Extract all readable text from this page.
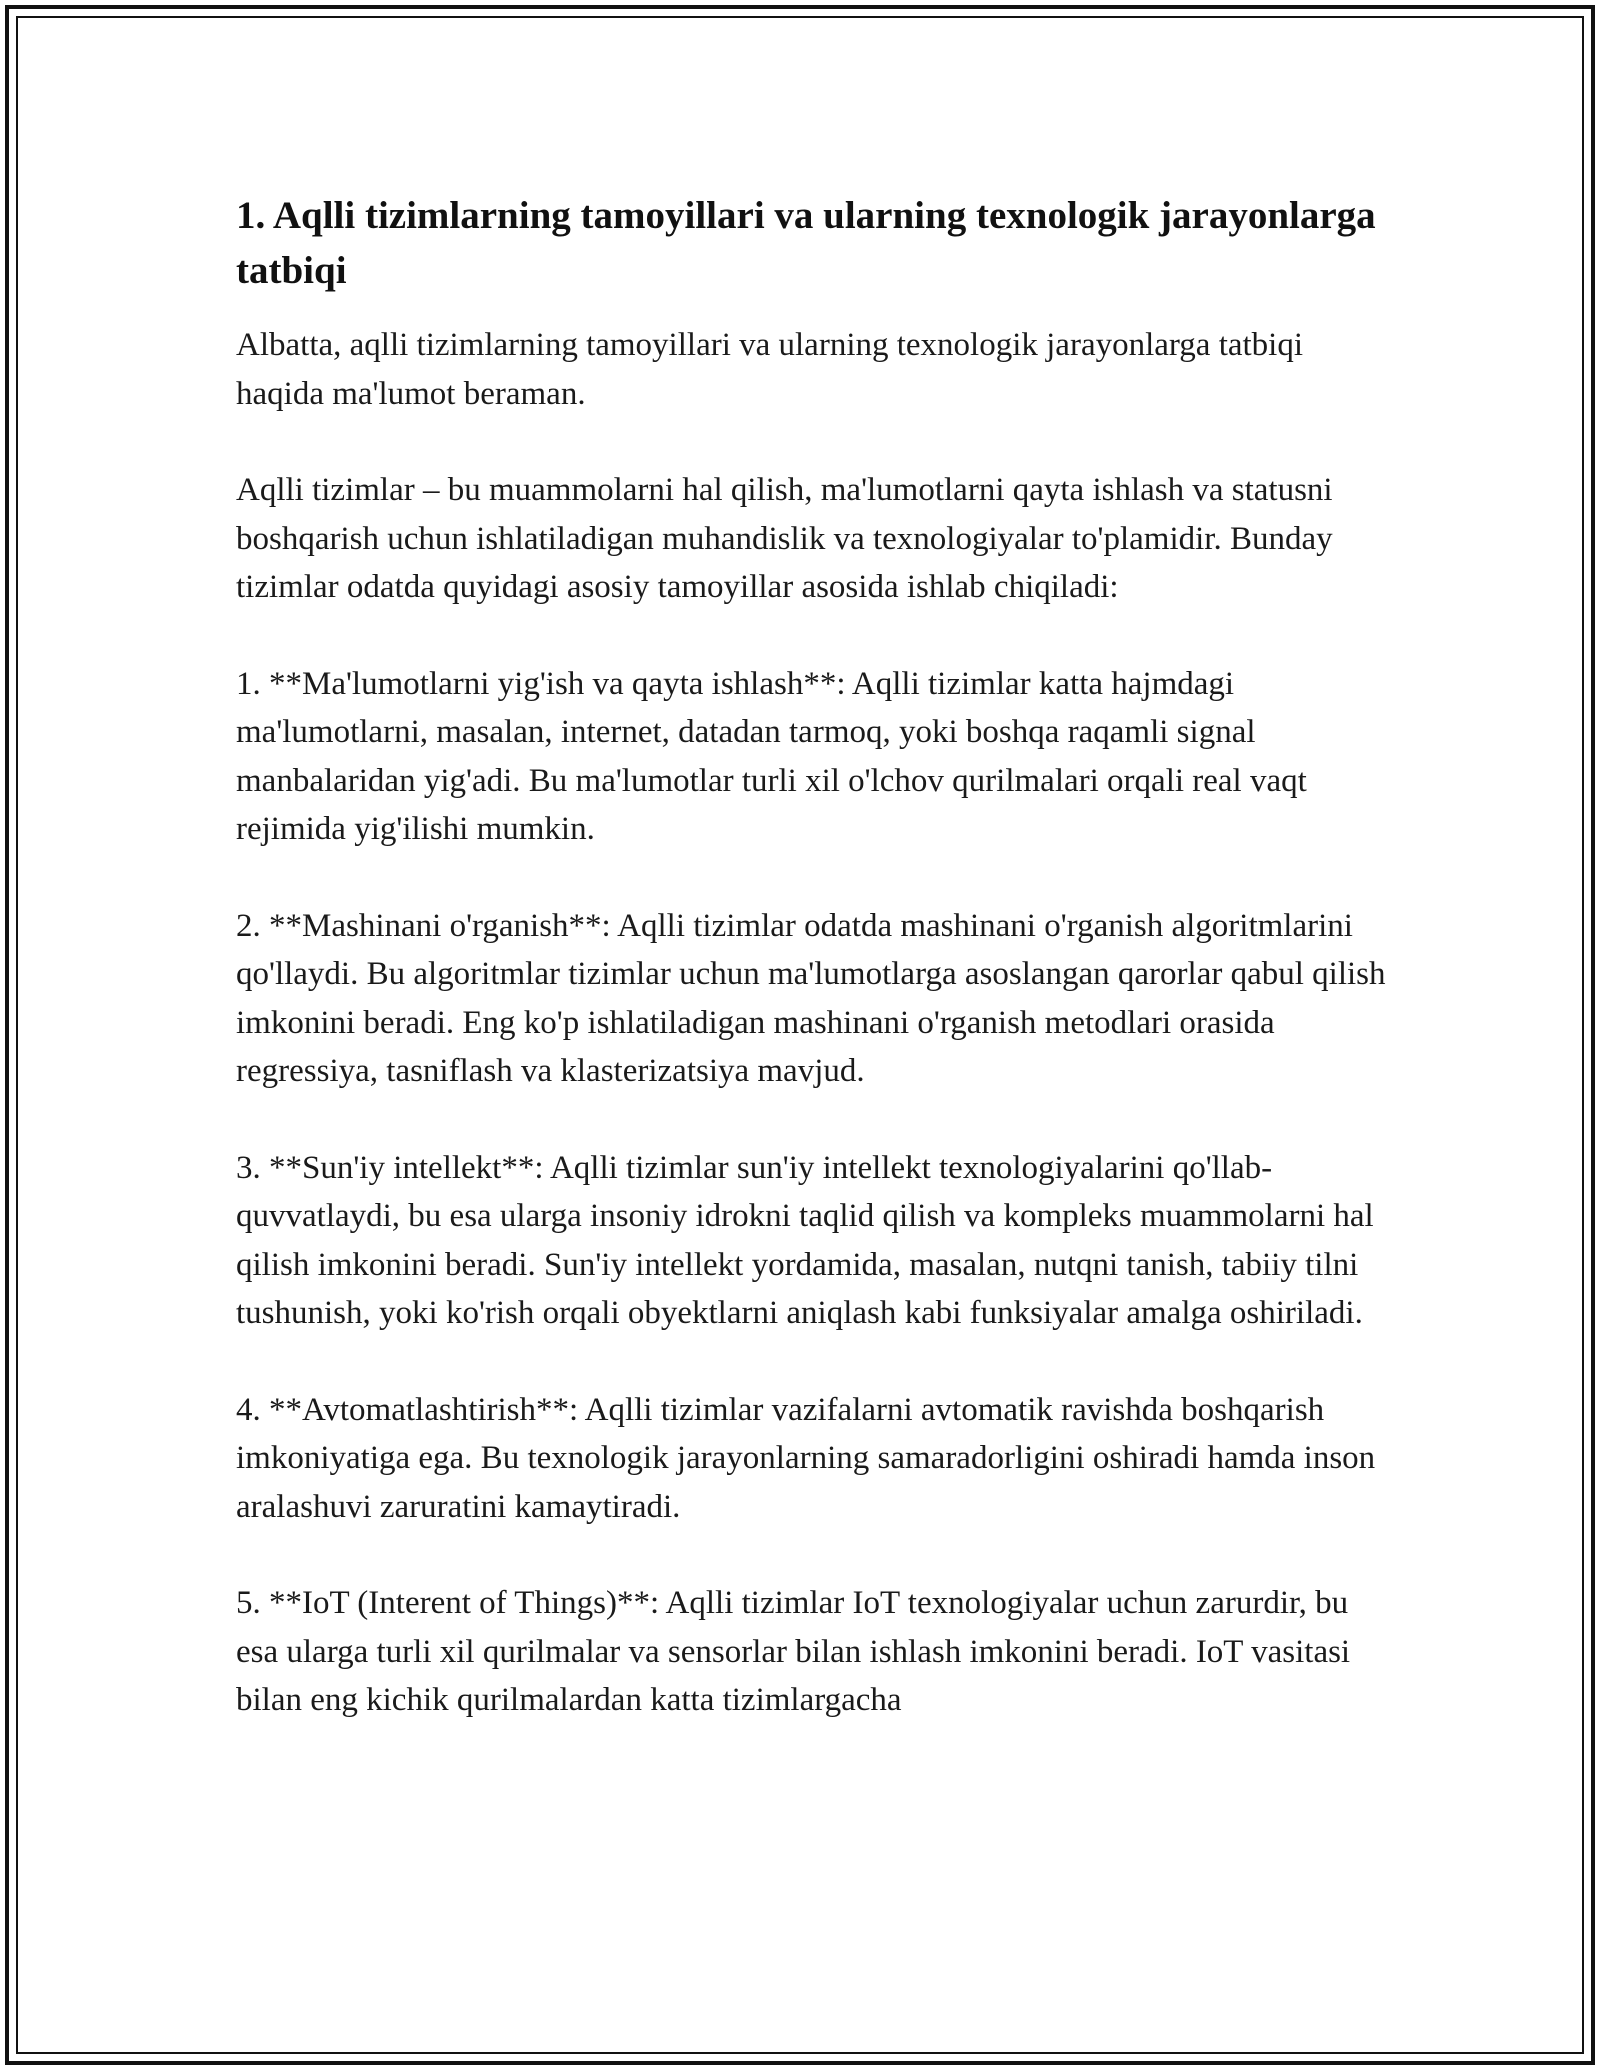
1. Aqlli tizimlarning tamoyillari va ularning texnologik jarayonlarga tatbiqi

Albatta, aqlli tizimlarning tamoyillari va ularning texnologik jarayonlarga tatbiqi haqida ma'lumot beraman.

Aqlli tizimlar – bu muammolarni hal qilish, ma'lumotlarni qayta ishlash va statusni boshqarish uchun ishlatiladigan muhandislik va texnologiyalar to'plamidir. Bunday tizimlar odatda quyidagi asosiy tamoyillar asosida ishlab chiqiladi:

1. **Ma'lumotlarni yig'ish va qayta ishlash**: Aqlli tizimlar katta hajmdagi ma'lumotlarni, masalan, internet, datadan tarmoq, yoki boshqa raqamli signal manbalaridan yig'adi. Bu ma'lumotlar turli xil o'lchov qurilmalari orqali real vaqt rejimida yig'ilishi mumkin.

2. **Mashinani o'rganish**: Aqlli tizimlar odatda mashinani o'rganish algoritmlarini qo'llaydi. Bu algoritmlar tizimlar uchun ma'lumotlarga asoslangan qarorlar qabul qilish imkonini beradi. Eng ko'p ishlatiladigan mashinani o'rganish metodlari orasida regressiya, tasniflash va klasterizatsiya mavjud.

3. **Sun'iy intellekt**: Aqlli tizimlar sun'iy intellekt texnologiyalarini qo'llab-quvvatlaydi, bu esa ularga insoniy idrokni taqlid qilish va kompleks muammolarni hal qilish imkonini beradi. Sun'iy intellekt yordamida, masalan, nutqni tanish, tabiiy tilni tushunish, yoki ko'rish orqali obyektlarni aniqlash kabi funksiyalar amalga oshiriladi.

4. **Avtomatlashtirish**: Aqlli tizimlar vazifalarni avtomatik ravishda boshqarish imkoniyatiga ega. Bu texnologik jarayonlarning samaradorligini oshiradi hamda inson aralashuvi zaruratini kamaytiradi.

5. **IoT (Interent of Things)**: Aqlli tizimlar IoT texnologiyalar uchun zarurdir, bu esa ularga turli xil qurilmalar va sensorlar bilan ishlash imkonini beradi. IoT vasitasi bilan eng kichik qurilmalardan katta tizimlargacha
